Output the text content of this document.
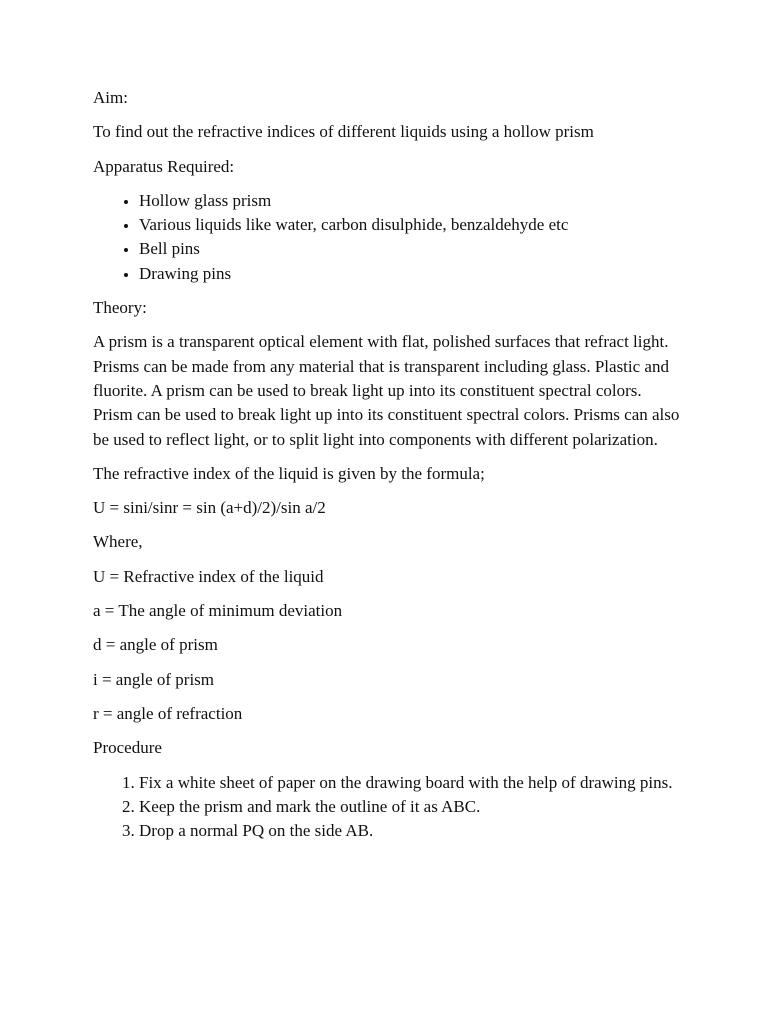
Aim:

To find out the refractive indices of different liquids using a hollow prism

Apparatus Required:

• Hollow glass prism
• Various liquids like water, carbon disulphide, benzaldehyde etc
• Bell pins
• Drawing pins

Theory:

A prism is a transparent optical element with flat, polished surfaces that refract light. Prisms can be made from any material that is transparent including glass. Plastic and fluorite. A prism can be used to break light up into its constituent spectral colors. Prism can be used to break light up into its constituent spectral colors. Prisms can also be used to reflect light, or to split light into components with different polarization.

The refractive index of the liquid is given by the formula;

U = sini/sinr = sin (a+d)/2)/sin a/2

Where,

U = Refractive index of the liquid

a = The angle of minimum deviation

d = angle of prism

i = angle of prism

r = angle of refraction

Procedure

1. Fix a white sheet of paper on the drawing board with the help of drawing pins.
2. Keep the prism and mark the outline of it as ABC.
3. Drop a normal PQ on the side AB.
